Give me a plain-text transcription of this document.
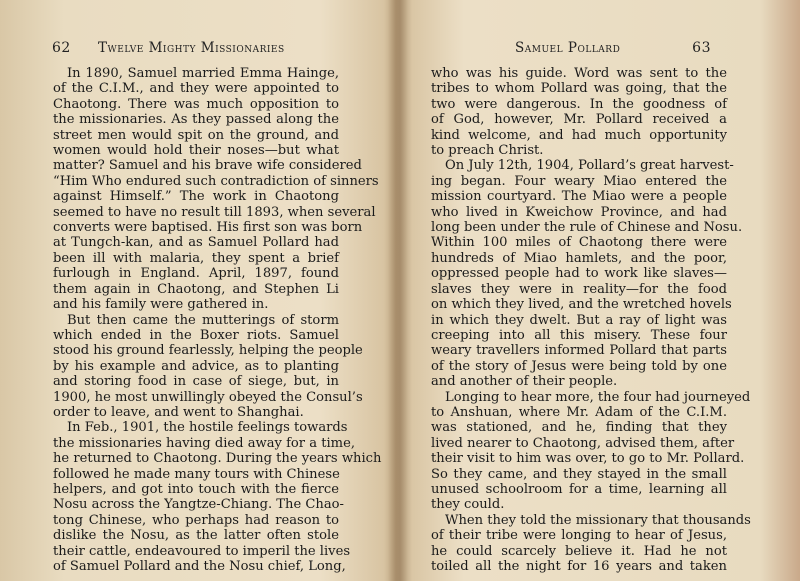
62 Twelve Mighty Missionaries
In 1890, Samuel married Emma Hainge,
of the C.I.M., and they were appointed to
Chaotong. There was much opposition to
the missionaries. As they passed along the
street men would spit on the ground, and
women would hold their noses—but what
matter? Samuel and his brave wife considered
“Him Who endured such contradiction of sinners
against Himself.” The work in Chaotong
seemed to have no result till 1893, when several
converts were baptised. His first son was born
at Tungch-kan, and as Samuel Pollard had
been ill with malaria, they spent a brief
furlough in England. April, 1897, found
them again in Chaotong, and Stephen Li
and his family were gathered in.
But then came the mutterings of storm
which ended in the Boxer riots. Samuel
stood his ground fearlessly, helping the people
by his example and advice, as to planting
and storing food in case of siege, but, in
1900, he most unwillingly obeyed the Consul’s
order to leave, and went to Shanghai.
In Feb., 1901, the hostile feelings towards
the missionaries having died away for a time,
he returned to Chaotong. During the years which
followed he made many tours with Chinese
helpers, and got into touch with the fierce
Nosu across the Yangtze-Chiang. The Chao-
tong Chinese, who perhaps had reason to
dislike the Nosu, as the latter often stole
their cattle, endeavoured to imperil the lives
of Samuel Pollard and the Nosu chief, Long,
Samuel Pollard	63
who was his guide. Word was sent to the
tribes to whom Pollard was going, that the
two were dangerous. In the goodness of
of God, however, Mr. Pollard received a
kind welcome, and had much opportunity
to preach Christ.
On July 12th, 1904, Pollard’s great harvest-
ing began. Four weary Miao entered the
mission courtyard. The Miao were a people
who lived in Kweichow Province, and had
long been under the rule of Chinese and Nosu.
Within 100 miles of Chaotong there were
hundreds of Miao hamlets, and the poor,
oppressed people had to work like slaves—
slaves they were in reality—for the food
on which they lived, and the wretched hovels
in which they dwelt. But a ray of light was
creeping into all this misery. These four
weary travellers informed Pollard that parts
of the story of Jesus were being told by one
and another of their people.
Longing to hear more, the four had journeyed
to Anshuan, where Mr. Adam of the C.I.M.
was stationed, and he, finding that they
lived nearer to Chaotong, advised them, after
their visit to him was over, to go to Mr. Pollard.
So they came, and they stayed in the small
unused schoolroom for a time, learning all
they could.
When they told the missionary that thousands
of their tribe were longing to hear of Jesus,
he could scarcely believe it. Had he not
toiled all the night for 16 years and taken
